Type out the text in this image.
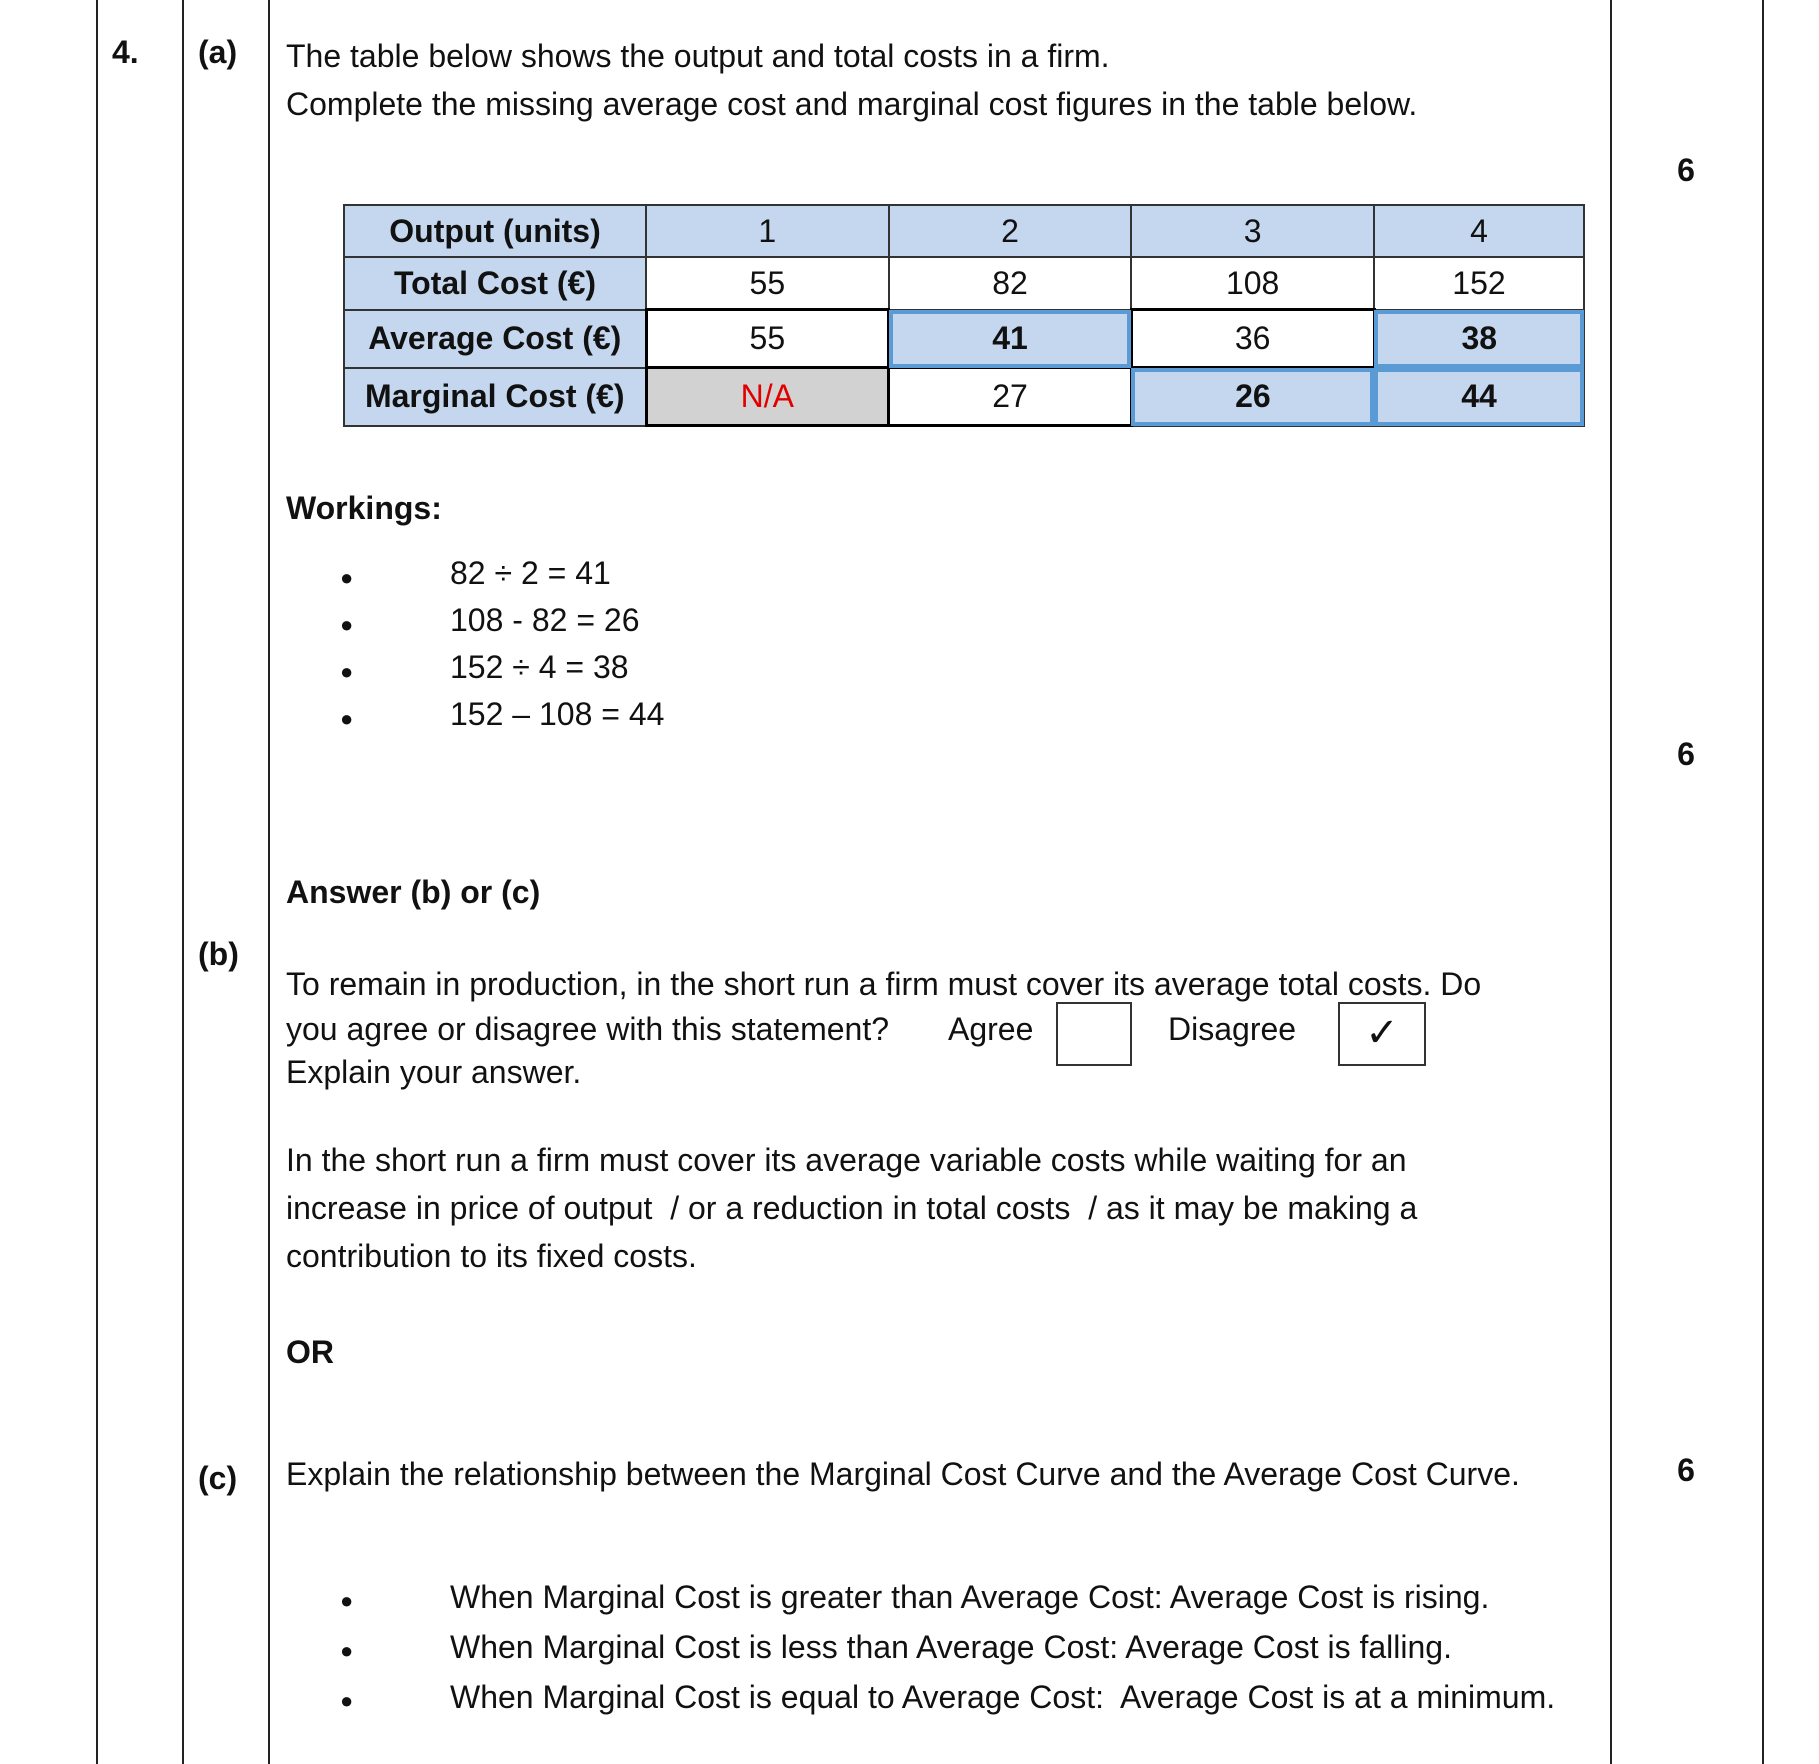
4. (a)
(b)
(c)
6
6
6
The table below shows the output and total costs in a firm.
Complete the missing average cost and marginal cost figures in the table below.
Output (units)	1	2	3	4
Total Cost (€)	55	82	108	152
Average Cost (€)	55	41	36	38
Marginal Cost (€)	N/A	27	26	44
Workings:
● 82 ÷ 2 = 41
● 108 - 82 = 26
● 152 ÷ 4 = 38
● 152 – 108 = 44
Answer (b) or (c)
To remain in production, in the short run a firm must cover its average total costs. Do
you agree or disagree with this statement? Agree	Disagree	✓
Explain your answer.
In the short run a firm must cover its average variable costs while waiting for an
increase in price of output  / or a reduction in total costs  / as it may be making a
contribution to its fixed costs.
OR
Explain the relationship between the Marginal Cost Curve and the Average Cost Curve.
● When Marginal Cost is greater than Average Cost: Average Cost is rising.
● When Marginal Cost is less than Average Cost: Average Cost is falling.
● When Marginal Cost is equal to Average Cost:  Average Cost is at a minimum.
